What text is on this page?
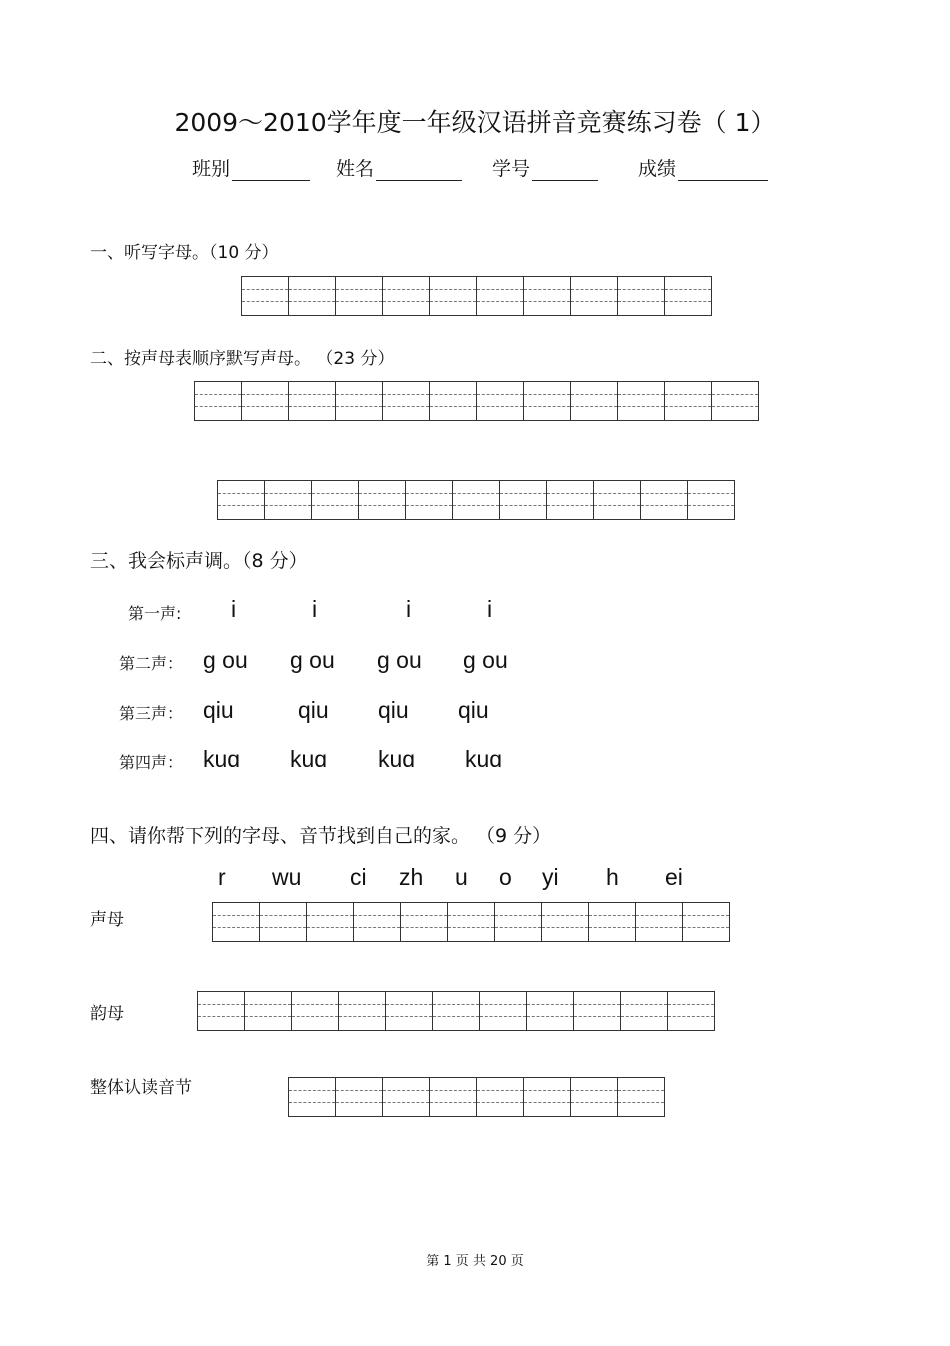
2009～2010学年度一年级汉语拼音竞赛练习卷（ 1）
班别	姓名	学号	成绩
一、听写字母。（10 分）
二、按声母表顺序默写声母。 （23 分）
三、我会标声调。（8 分）
第一声: i	i	i	i
第二声： ɡ ou ɡ ou ɡ ou ɡ ou
第三声： qiu	qiu qiu qiu
第四声： kuɑ kuɑ kuɑ kuɑ
四、请你帮下列的字母、音节找到自己的家。 （9 分）
r wu ci zh u o yi h ei
声母
韵母
整体认读音节
第 1 页 共 20 页
